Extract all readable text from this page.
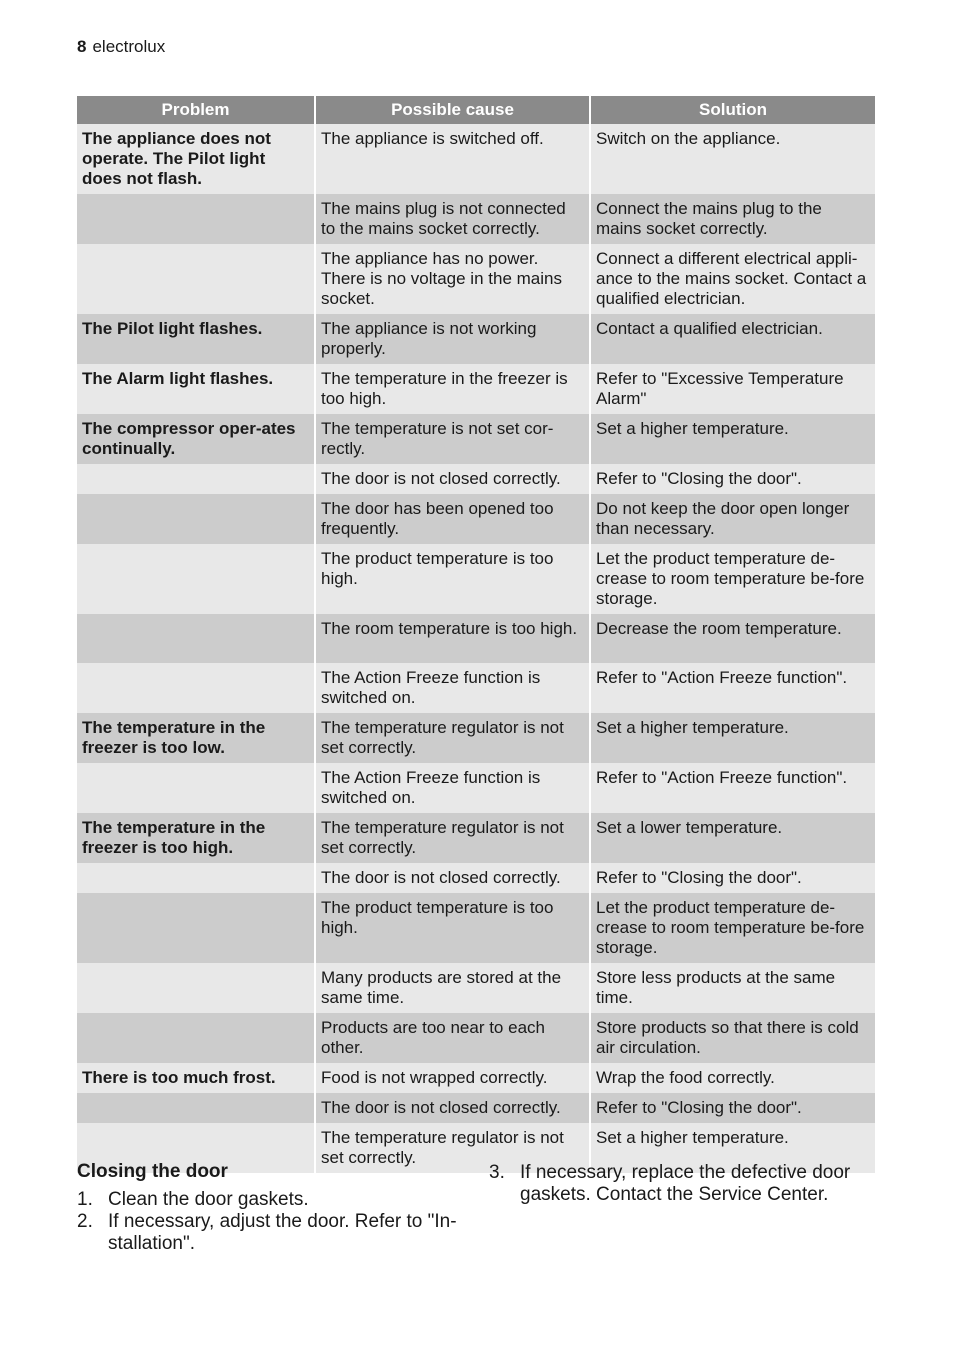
8 electrolux
Problem	Possible cause	Solution
The appliance does not operate. The Pilot light does not flash.	The appliance is switched off.	Switch on the appliance.
	The mains plug is not connected to the mains socket correctly.	Connect the mains plug to the mains socket correctly.
	The appliance has no power. There is no voltage in the mains socket.	Connect a different electrical appli-ance to the mains socket. Contact a qualified electrician.
The Pilot light flashes.	The appliance is not working properly.	Contact a qualified electrician.
The Alarm light flashes.	The temperature in the freezer is too high.	Refer to "Excessive Temperature Alarm"
The compressor oper-ates continually.	The temperature is not set cor-rectly.	Set a higher temperature.
	The door is not closed correctly.	Refer to "Closing the door".
	The door has been opened too frequently.	Do not keep the door open longer than necessary.
	The product temperature is too high.	Let the product temperature de-crease to room temperature be-fore storage.
	The room temperature is too high.	Decrease the room temperature.
	The Action Freeze function is switched on.	Refer to "Action Freeze function".
The temperature in the freezer is too low.	The temperature regulator is not set correctly.	Set a higher temperature.
	The Action Freeze function is switched on.	Refer to "Action Freeze function".
The temperature in the freezer is too high.	The temperature regulator is not set correctly.	Set a lower temperature.
	The door is not closed correctly.	Refer to "Closing the door".
	The product temperature is too high.	Let the product temperature de-crease to room temperature be-fore storage.
	Many products are stored at the same time.	Store less products at the same time.
	Products are too near to each other.	Store products so that there is cold air circulation.
There is too much frost.	Food is not wrapped correctly.	Wrap the food correctly.
	The door is not closed correctly.	Refer to "Closing the door".
	The temperature regulator is not set correctly.	Set a higher temperature.
Closing the door
1. Clean the door gaskets.
2. If necessary, adjust the door. Refer to "In-stallation".
3. If necessary, replace the defective door gaskets. Contact the Service Center.
